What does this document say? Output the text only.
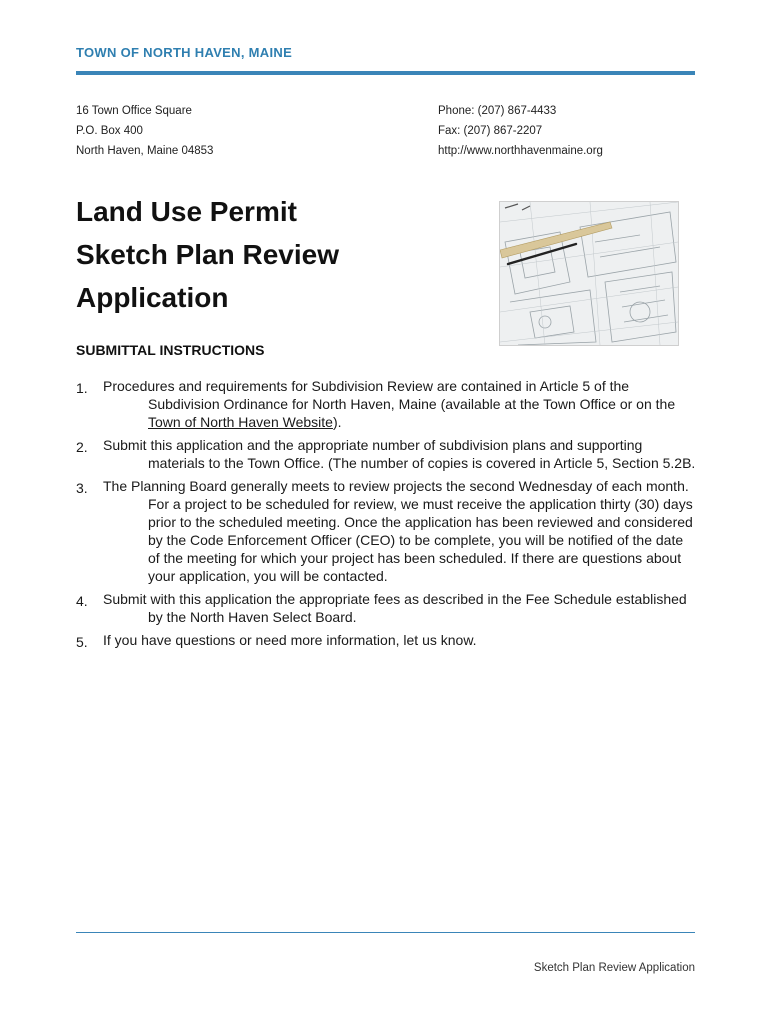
TOWN OF NORTH HAVEN, MAINE
16 Town Office Square
P.O. Box 400
North Haven, Maine 04853
Phone: (207) 867-4433
Fax: (207) 867-2207
http://www.northhavenmaine.org
Land Use Permit
Sketch Plan Review
Application
SUBMITTAL INSTRUCTIONS
1. Procedures and requirements for Subdivision Review are contained in Article 5 of the Subdivision Ordinance for North Haven, Maine (available at the Town Office or on the Town of North Haven Website).
2. Submit this application and the appropriate number of subdivision plans and supporting materials to the Town Office. (The number of copies is covered in Article 5, Section 5.2B.
3. The Planning Board generally meets to review projects the second Wednesday of each month. For a project to be scheduled for review, we must receive the application thirty (30) days prior to the scheduled meeting. Once the application has been reviewed and considered by the Code Enforcement Officer (CEO) to be complete, you will be notified of the date of the meeting for which your project has been scheduled. If there are questions about your application, you will be contacted.
4. Submit with this application the appropriate fees as described in the Fee Schedule established by the North Haven Select Board.
5. If you have questions or need more information, let us know.
Sketch Plan Review Application
